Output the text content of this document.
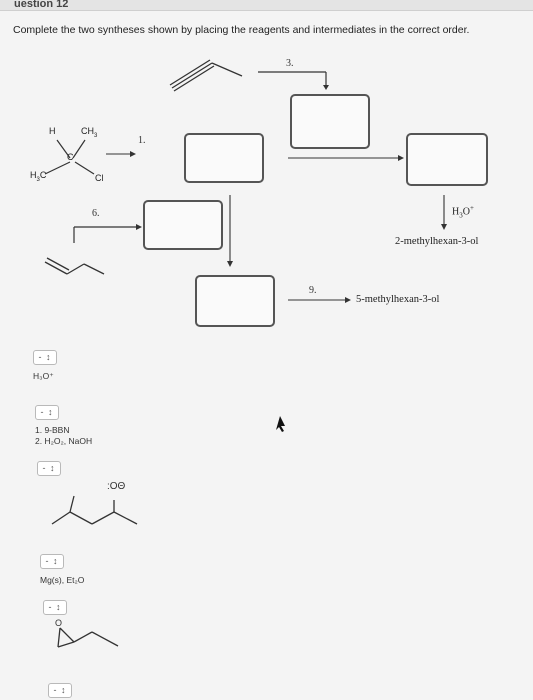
uestion 12
Complete the two syntheses shown by placing the reagents and intermediates in the correct order.
H	$CH_3$
C
$H_3C$	Cl
1.
3.
6.
9.
$H_3O^+$
2-methylhexan-3-ol
5-methylhexan-3-ol
- ↕
H₃O⁺
- ↕
1. 9-BBN
2. H₂O₂, NaOH
- ↕
:OΘ
- ↕
Mg(s), Et₂O
- ↕
O
- ↕
